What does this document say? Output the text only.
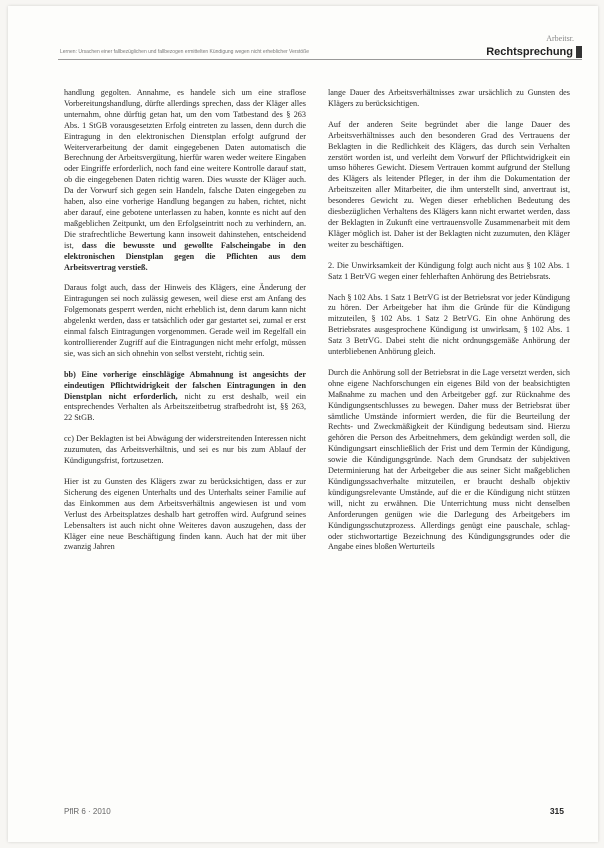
Arbeitsr.
Lernen: Ursachen einer fallbezüglichen und fallbezogen ermittelten Kündigung wegen nicht erheblicher Verstöße	Rechtsprechung

handlung gegolten. Annahme, es handele sich um eine straflose Vorbereitungshandlung, dürfte allerdings sprechen, dass der Kläger alles unternahm, ohne dürftig getan hat, um den vom Tatbestand des § 263 Abs. 1 StGB vorausgesetzten Erfolg eintreten zu lassen, denn durch die Eintragung in den elektronischen Dienstplan erfolgt aufgrund der Weiterverarbeitung der damit eingegebenen Daten automatisch die Berechnung der Arbeitsvergütung, hierfür waren weder weitere Eingaben oder Eingriffe erforderlich, noch fand eine weitere Kontrolle darauf statt, ob die eingegebenen Daten richtig waren. Dies wusste der Kläger auch. Da der Vorwurf sich gegen sein Handeln, falsche Daten eingegeben zu haben, also eine vorherige Handlung begangen zu haben, richtet, nicht aber darauf, eine gebotene unterlassen zu haben, konnte es nicht auf den maßgeblichen Zeitpunkt, um den Erfolgseintritt noch zu verhindern, an. Die strafrechtliche Bewertung kann insoweit dahinstehen, entscheidend ist, dass die bewusste und gewollte Falscheingabe in den elektronischen Dienstplan gegen die Pflichten aus dem Arbeitsvertrag verstieß.

Daraus folgt auch, dass der Hinweis des Klägers, eine Änderung der Eintragungen sei noch zulässig gewesen, weil diese erst am Anfang des Folgemonats gesperrt werden, nicht erheblich ist, denn darum kann nicht abgelenkt werden, dass er tatsächlich oder gar gestartet sei, zumal er erst einmal falsch Eintragungen vorgenommen. Gerade weil im Regelfall ein kontrollierender Zugriff auf die Eintragungen nicht mehr erfolgt, müssen sie, was sich an sich ohnehin von selbst versteht, richtig sein.

bb) Eine vorherige einschlägige Abmahnung ist angesichts der eindeutigen Pflichtwidrigkeit der falschen Eintragungen in den Dienstplan nicht erforderlich, nicht zu erst deshalb, weil ein entsprechendes Verhalten als Arbeitszeitbetrug strafbedroht ist, §§ 263, 22 StGB.

cc) Der Beklagten ist bei Abwägung der widerstreitenden Interessen nicht zuzumuten, das Arbeitsverhältnis, und sei es nur bis zum Ablauf der Kündigungsfrist, fortzusetzen.

Hier ist zu Gunsten des Klägers zwar zu berücksichtigen, dass er zur Sicherung des eigenen Unterhalts und des Unterhalts seiner Familie auf das Einkommen aus dem Arbeitsverhältnis angewiesen ist und vom Verlust des Arbeitsplatzes deshalb hart getroffen wird. Aufgrund seines Lebensalters ist auch nicht ohne Weiteres davon auszugehen, dass der Kläger eine neue Beschäftigung finden kann. Auch hat der mit über zwanzig Jahren

lange Dauer des Arbeitsverhältnisses zwar ursächlich zu Gunsten des Klägers zu berücksichtigen.

Auf der anderen Seite begründet aber die lange Dauer des Arbeitsverhältnisses auch den besonderen Grad des Vertrauens der Beklagten in die Redlichkeit des Klägers, das durch sein Verhalten zerstört worden ist, und verleiht dem Vorwurf der Pflichtwidrigkeit ein umso höheres Gewicht. Diesem Vertrauen kommt aufgrund der Stellung des Klägers als leitender Pfleger, in der ihm die Dokumentation der Arbeitszeiten aller Mitarbeiter, die ihm unterstellt sind, anvertraut ist, besonderes Gewicht zu. Wegen dieser erheblichen Bedeutung des diesbezüglichen Verhaltens des Klägers kann nicht erwartet werden, dass der Beklagten in Zukunft eine vertrauensvolle Zusammenarbeit mit dem Kläger möglich ist. Daher ist der Beklagten nicht zuzumuten, den Kläger weiter zu beschäftigen.

2. Die Unwirksamkeit der Kündigung folgt auch nicht aus § 102 Abs. 1 Satz 1 BetrVG wegen einer fehlerhaften Anhörung des Betriebsrats.

Nach § 102 Abs. 1 Satz 1 BetrVG ist der Betriebsrat vor jeder Kündigung zu hören. Der Arbeitgeber hat ihm die Gründe für die Kündigung mitzuteilen, § 102 Abs. 1 Satz 2 BetrVG. Ein ohne Anhörung des Betriebsrates ausgesprochene Kündigung ist unwirksam, § 102 Abs. 1 Satz 3 BetrVG. Dabei steht die nicht ordnungsgemäße Anhörung der unterbliebenen Anhörung gleich.

Durch die Anhörung soll der Betriebsrat in die Lage versetzt werden, sich ohne eigene Nachforschungen ein eigenes Bild von der beabsichtigten Maßnahme zu machen und den Arbeitgeber ggf. zur Rücknahme des Kündigungsentschlusses zu bewegen. Daher muss der Betriebsrat über sämtliche Umstände informiert werden, die für die Beurteilung der Rechts- und Zweckmäßigkeit der Kündigung bedeutsam sind. Hierzu gehören die Person des Arbeitnehmers, dem gekündigt werden soll, die Kündigungsart einschließlich der Frist und dem Termin der Kündigung, sowie die Kündigungsgründe. Nach dem Grundsatz der subjektiven Determinierung hat der Arbeitgeber die aus seiner Sicht maßgeblichen Kündigungssachverhalte mitzuteilen, er braucht deshalb objektiv kündigungsrelevante Umstände, auf die er die Kündigung nicht stützen will, nicht zu erwähnen. Die Unterrichtung muss nicht denselben Anforderungen genügen wie die Darlegung des Arbeitgebers im Kündigungsschutzprozess. Allerdings genügt eine pauschale, schlag- oder stichwortartige Bezeichnung des Kündigungsgrundes oder die Angabe eines bloßen Werturteils

PflR 6 · 2010	315
